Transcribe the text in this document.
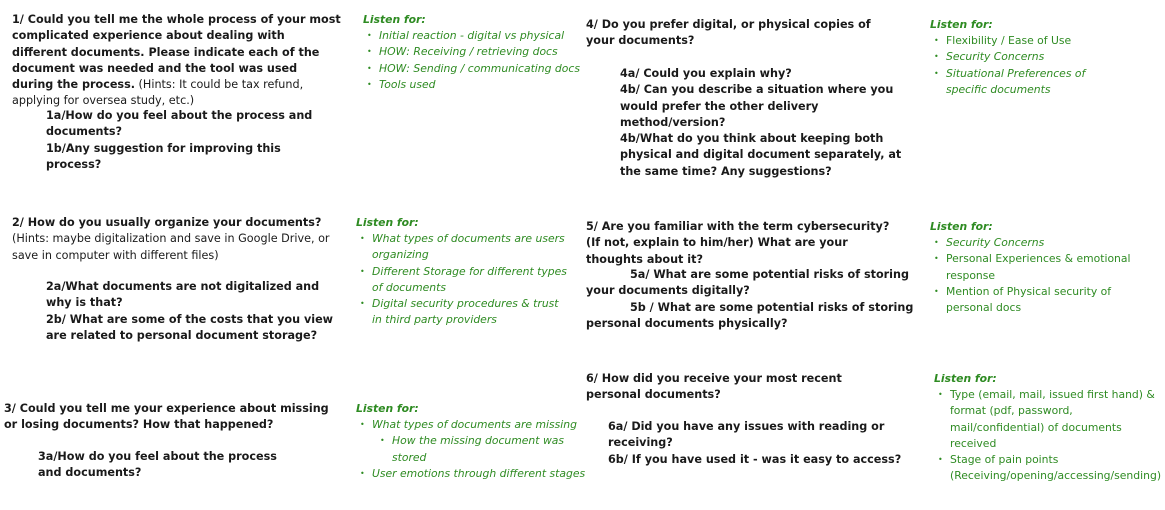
1/ Could you tell me the whole process of your most complicated experience about dealing with different documents. Please indicate each of the document was needed and the tool was used during the process. (Hints: It could be tax refund, applying for oversea study, etc.)
1a/How do you feel about the process and documents?
1b/Any suggestion for improving this process?
Listen for:
• Initial reaction - digital vs physical
• HOW: Receiving / retrieving docs
• HOW: Sending / communicating docs
• Tools used
2/ How do you usually organize your documents? (Hints: maybe digitalization and save in Google Drive, or save in computer with different files)
2a/What documents are not digitalized and why is that?
2b/ What are some of the costs that you view are related to personal document storage?
Listen for:
• What types of documents are users organizing
• Different Storage for different types of documents
• Digital security procedures & trust in third party providers
3/ Could you tell me your experience about missing or losing documents? How that happened?
3a/How do you feel about the process and documents?
Listen for:
• What types of documents are missing
• How the missing document was stored
• User emotions through different stages
4/ Do you prefer digital, or physical copies of your documents?
4a/ Could you explain why?
4b/ Can you describe a situation where you would prefer the other delivery method/version?
4b/What do you think about keeping both physical and digital document separately, at the same time? Any suggestions?
Listen for:
• Flexibility / Ease of Use
• Security Concerns
• Situational Preferences of specific documents
5/ Are you familiar with the term cybersecurity? (If not, explain to him/her) What are your thoughts about it?
5a/ What are some potential risks of storing your documents digitally?
5b / What are some potential risks of storing personal documents physically?
Listen for:
• Security Concerns
• Personal Experiences & emotional response
• Mention of Physical security of personal docs
6/ How did you receive your most recent personal documents?
6a/ Did you have any issues with reading or receiving?
6b/ If you have used it - was it easy to access?
Listen for:
• Type (email, mail, issued first hand) & format (pdf, password, mail/confidential) of documents received
• Stage of pain points (Receiving/opening/accessing/sending)
